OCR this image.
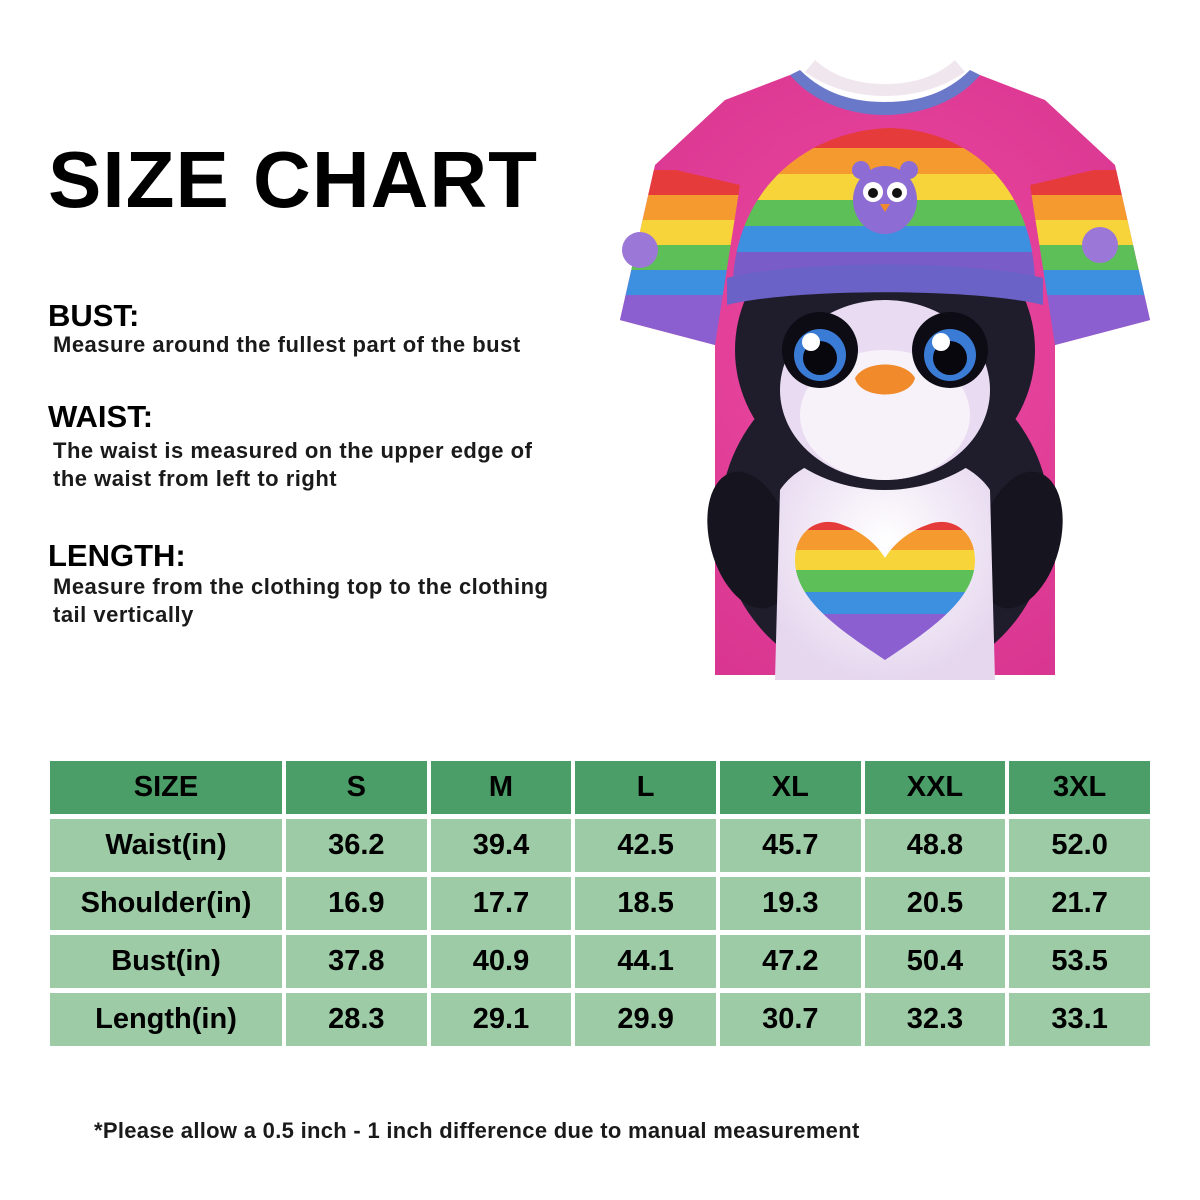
SIZE CHART
BUST:
Measure around the fullest part of the bust
WAIST:
The waist is measured on the upper edge of
the waist from left to right
LENGTH:
Measure from the clothing top to the clothing
tail vertically
SIZE	S	M	L	XL	XXL	3XL
Waist(in)	36.2	39.4	42.5	45.7	48.8	52.0
Shoulder(in)	16.9	17.7	18.5	19.3	20.5	21.7
Bust(in)	37.8	40.9	44.1	47.2	50.4	53.5
Length(in)	28.3	29.1	29.9	30.7	32.3	33.1
*Please allow a 0.5 inch - 1 inch difference due to manual measurement
